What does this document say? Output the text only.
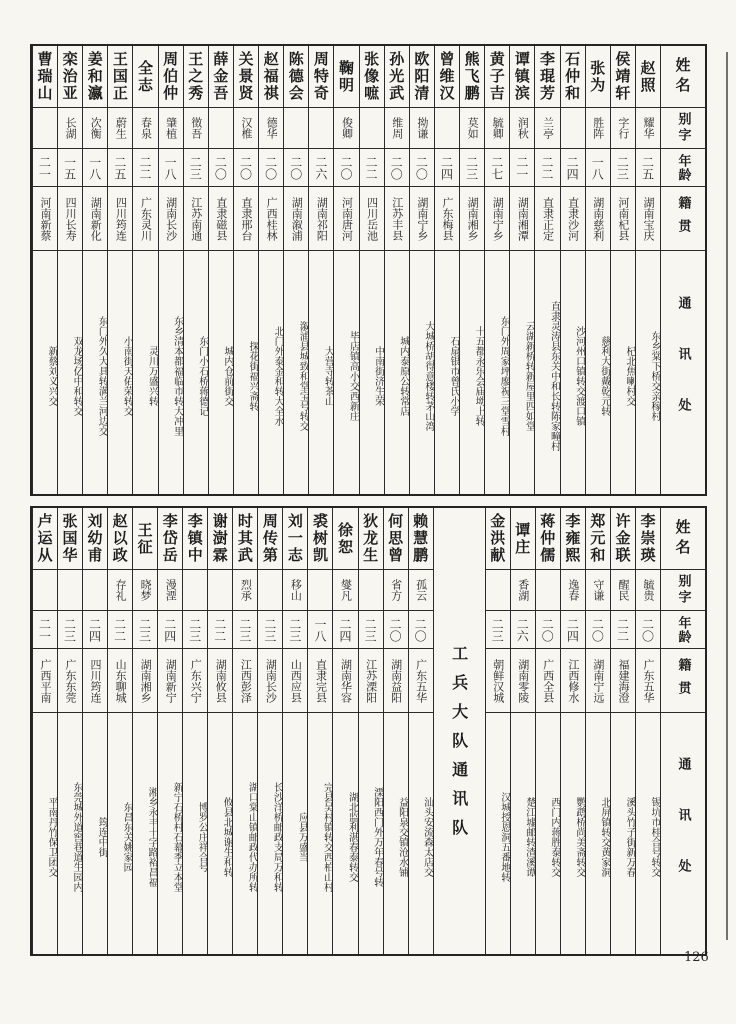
姓名
别字
年龄
籍贯
通讯处
赵照
耀华
二五
湖南宝庆
东乡棠下桥交亲稼村
侯靖轩
字行
二三
河南杞县
杞北焦喇村交
张为
胜阵
一八
湖南慈利
慈利大街戴乾元转
石仲和
二四
直隶沙河
沙河州口镇转交渡口镇
李琨芳
兰亭
二二
直隶正定
直隶灵涛县东关中和长转陈家疃村
谭镇滨
润秋
二一
湖南湘潭
云湖新桥转新屋里四如堂
黄子吉
毓卿
二七
湖南宁乡
东门外周家坪廖祝三堂雪村
熊飞鹏
莫如
二三
湖南湘乡
十五都永乐会庙坳上转
曾维汉
二四
广东梅县
石扇银市曾氏小学
欧阳清
拗谦
二〇
湖南宁乡
大城桥胡得意楼转茅山湾
孙光武
维周
二〇
江苏丰县
城内泰原公转常店
张像嗻
二二
四川岳池
中南街济生荣
鞠明
俊卿
二〇
河南唐河
毕店镇高小交西新庄
周特奇
二六
湖南祁阳
大营寺转茶山
陈德会
二〇
湖南溆浦
溆浦县城致和堂宝号转交
赵福祺
德华
二〇
广西桂林
北门外泰金和转大全水
关景贤
汉椎
二〇
直隶邢台
探花街福兴斋转
薛金吾
二〇
直隶磁县
城内仓前街交
王之秀
徵吾
二三
江苏南通
东门小石桥蒋德记
周伯仲
肇植
一八
湖南长沙
东乡清本都福临市转大冲里
全志
春泉
二二
广东灵川
灵川万盛兴转
王国正
蔚生
二五
四川筠连
小南街天佑荣转交
姜和瀛
次衡
一八
湖南新化
东门外久大具转满兰河边交
栾治亚
长湖
一五
四川长寿
双龙场亿中和转交
曹瑞山
二一
河南新蔡
新蔡刘义兴交
姓名
别字
年龄
籍贯
通讯处
李崇瑛
毓贵
二〇
广东五华
锡坑市桂合号转交
许金联
醒民
二二
福建海澄
溪头竹子街新万春
郑元和
守谦
二〇
湖南宁远
北屏镇转交黄家洞
李雍熙
逸春
二四
江西修水
鹦鹉桥尚美斋转交
蒋仲儒
二〇
广西全县
西门内蒋胜泰转交
谭庄
香湖
二六
湖南零陵
楚江墟邮转渣溪谭
金洪献
二三
朝鲜汉城
汉城授恩洞五番地转
工兵大队通讯队
赖慧鹏
孤云
二〇
广东五华
汕头安流森太店交
何思曾
省方
二〇
湖南益阳
益阳泉交镇沧水铺
狄龙生
二三
江苏溧阳
溧阳西门外万年春号转
徐恕
燮凡
二四
湖南华容
湖北监利湛春泰转交
裘树凯
一八
直隶完县
完县吴村镇转交西柏山村
刘一志
移山
二三
山西应县
应县万盛当
周传第
二三
湖南长沙
长沙洋桥邮政支局万和转
时其武
烈承
二三
江西彭泽
湖口棠山镇邮政代办所转
谢澍霖
二二
湖南攸县
攸县北城谢生和转
李镇中
二三
广东兴宁
博罗公庄祥合号
李岱岳
漫湮
二四
湖南新宁
新宁石桥村石幕季立本堂
王征
晓梦
二三
湖南湘乡
湘乡永丰十字路裕昌福
赵以政
存礼
二二
山东聊城
东昌东关姚家园
刘幼甫
二四
四川筠连
筠连中街
张国华
二三
广东东莞
东莞城外道窖巷道生园内
卢运从
二一
广西平南
平南丹竹保卫团交
126
